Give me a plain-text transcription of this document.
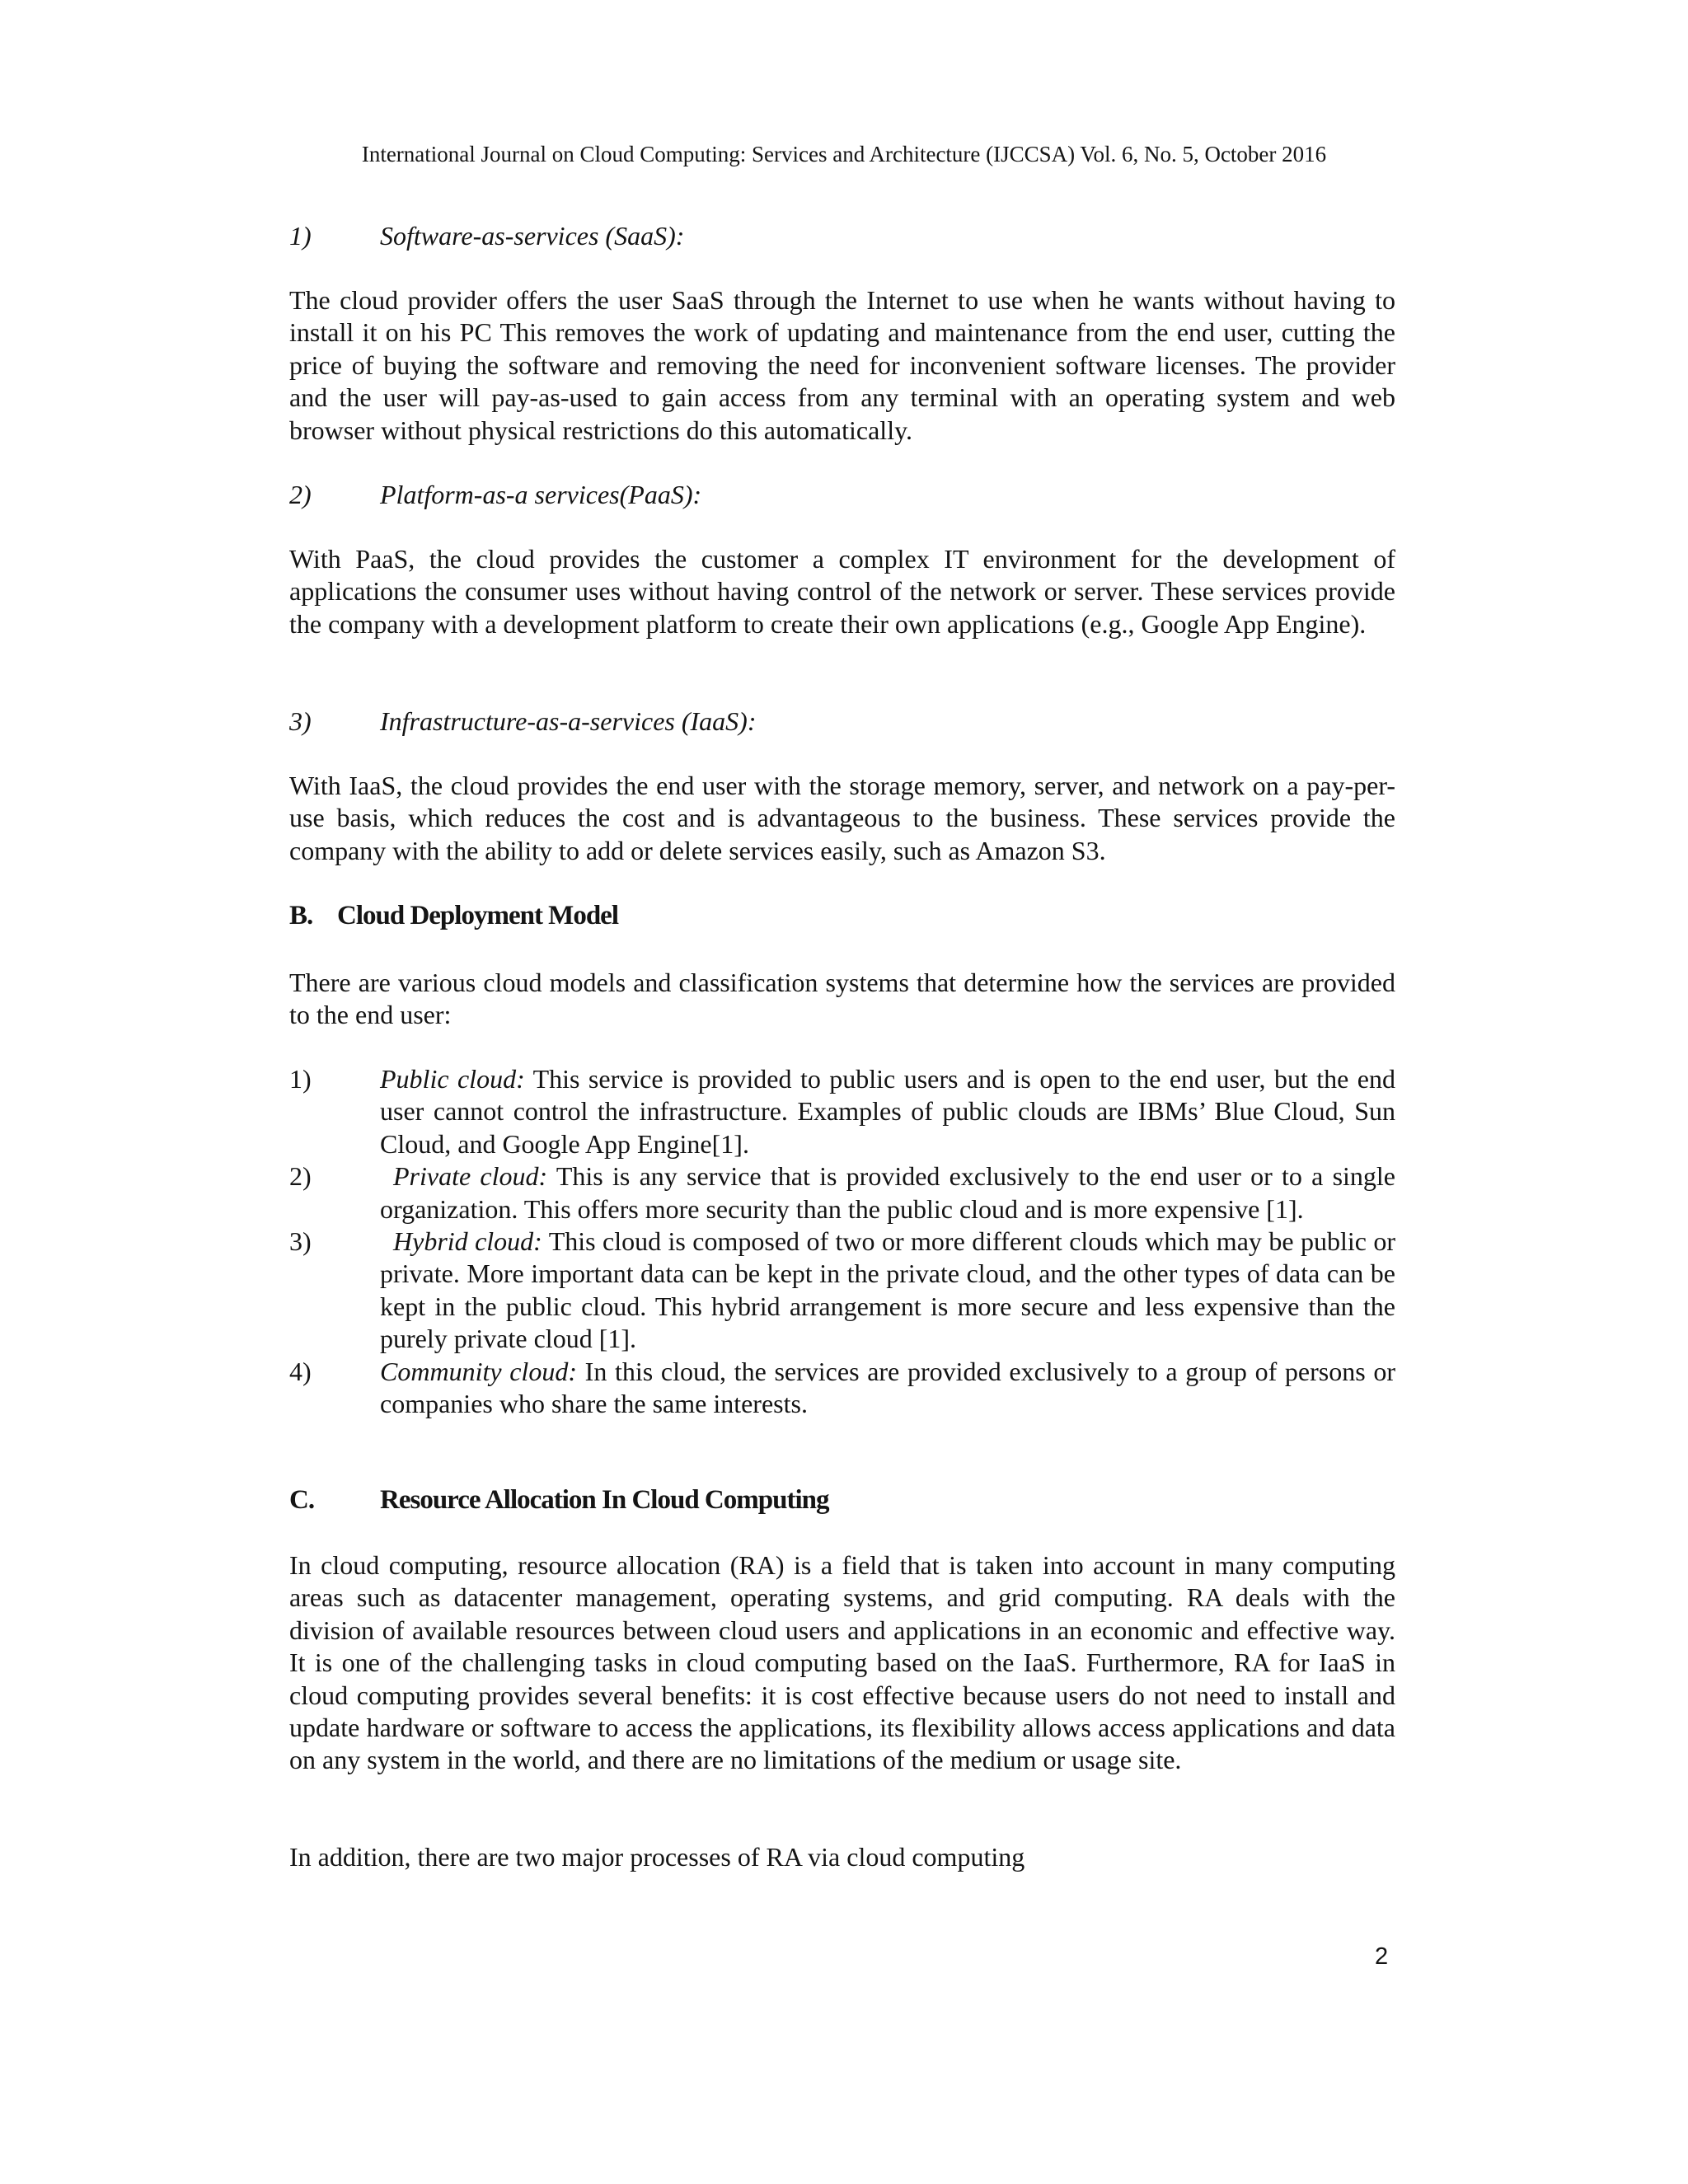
International Journal on Cloud Computing: Services and Architecture (IJCCSA) Vol. 6, No. 5, October 2016
1)	Software-as-services (SaaS):
The cloud provider offers the user SaaS through the Internet to use when he wants without having to install it on his PC This removes the work of updating and maintenance from the end user, cutting the price of buying the software and removing the need for inconvenient software licenses. The provider and the user will pay-as-used to gain access from any terminal with an operating system and web browser without physical restrictions do this automatically.
2)	Platform-as-a services(PaaS):
With PaaS, the cloud provides the customer a complex IT environment for the development of applications the consumer uses without having control of the network or server. These services provide the company with a development platform to create their own applications (e.g., Google App Engine).
3)	Infrastructure-as-a-services (IaaS):
With IaaS, the cloud provides the end user with the storage memory, server, and network on a pay-per-use basis, which reduces the cost and is advantageous to the business. These services provide the company with the ability to add or delete services easily, such as Amazon S3.
B. Cloud Deployment Model
There are various cloud models and classification systems that determine how the services are provided to the end user:
1)	Public cloud: This service is provided to public users and is open to the end user, but the end user cannot control the infrastructure. Examples of public clouds are IBMs’ Blue Cloud, Sun Cloud, and Google App Engine[1].
2)	Private cloud: This is any service that is provided exclusively to the end user or to a single organization. This offers more security than the public cloud and is more expensive [1].
3)	Hybrid cloud: This cloud is composed of two or more different clouds which may be public or private. More important data can be kept in the private cloud, and the other types of data can be kept in the public cloud. This hybrid arrangement is more secure and less expensive than the purely private cloud [1].
4)	Community cloud: In this cloud, the services are provided exclusively to a group of persons or companies who share the same interests.
C. Resource Allocation In Cloud Computing
In cloud computing, resource allocation (RA) is a field that is taken into account in many computing areas such as datacenter management, operating systems, and grid computing. RA deals with the division of available resources between cloud users and applications in an economic and effective way. It is one of the challenging tasks in cloud computing based on the IaaS. Furthermore, RA for IaaS in cloud computing provides several benefits: it is cost effective because users do not need to install and update hardware or software to access the applications, its flexibility allows access applications and data on any system in the world, and there are no limitations of the medium or usage site.
In addition, there are two major processes of RA via cloud computing
2
